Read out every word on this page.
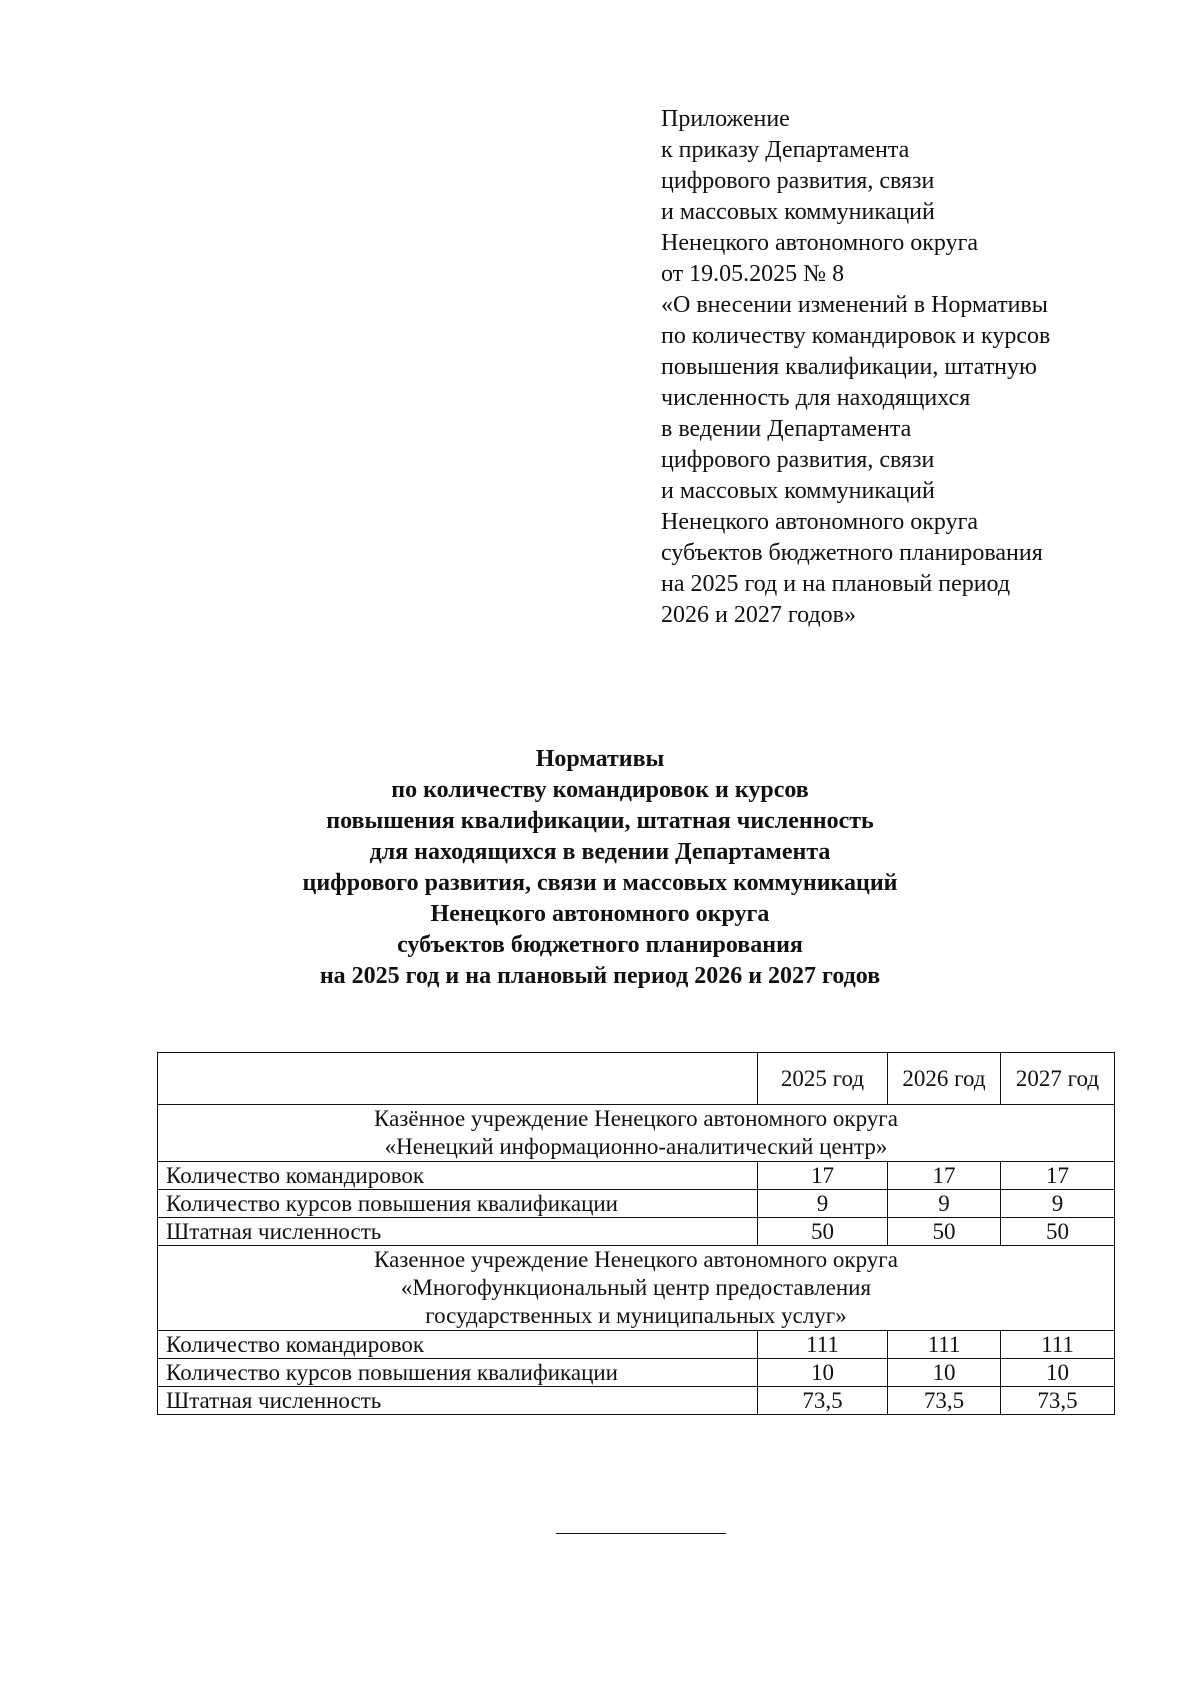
Приложение
к приказу Департамента
цифрового развития, связи
и массовых коммуникаций
Ненецкого автономного округа
от 19.05.2025 № 8
«О внесении изменений в Нормативы
по количеству командировок и курсов
повышения квалификации, штатную
численность для находящихся
в ведении Департамента
цифрового развития, связи
и массовых коммуникаций
Ненецкого автономного округа
субъектов бюджетного планирования
на 2025 год и на плановый период
2026 и 2027 годов»
Нормативы
по количеству командировок и курсов
повышения квалификации, штатная численность
для находящихся в ведении Департамента
цифрового развития, связи и массовых коммуникаций
Ненецкого автономного округа
субъектов бюджетного планирования
на 2025 год и на плановый период 2026 и 2027 годов
	2025 год	2026 год	2027 год

Казённое учреждение Ненецкого автономного округа
«Ненецкий информационно-аналитический центр»			

Количество командировок	17	17	17
Количество курсов повышения квалификации	9	9	9
Штатная численность	50	50	50

Казенное учреждение Ненецкого автономного округа
«Многофункциональный центр предоставления
государственных и муниципальных услуг»			

Количество командировок	111	111	111
Количество курсов повышения квалификации	10	10	10
Штатная численность	73,5	73,5	73,5
